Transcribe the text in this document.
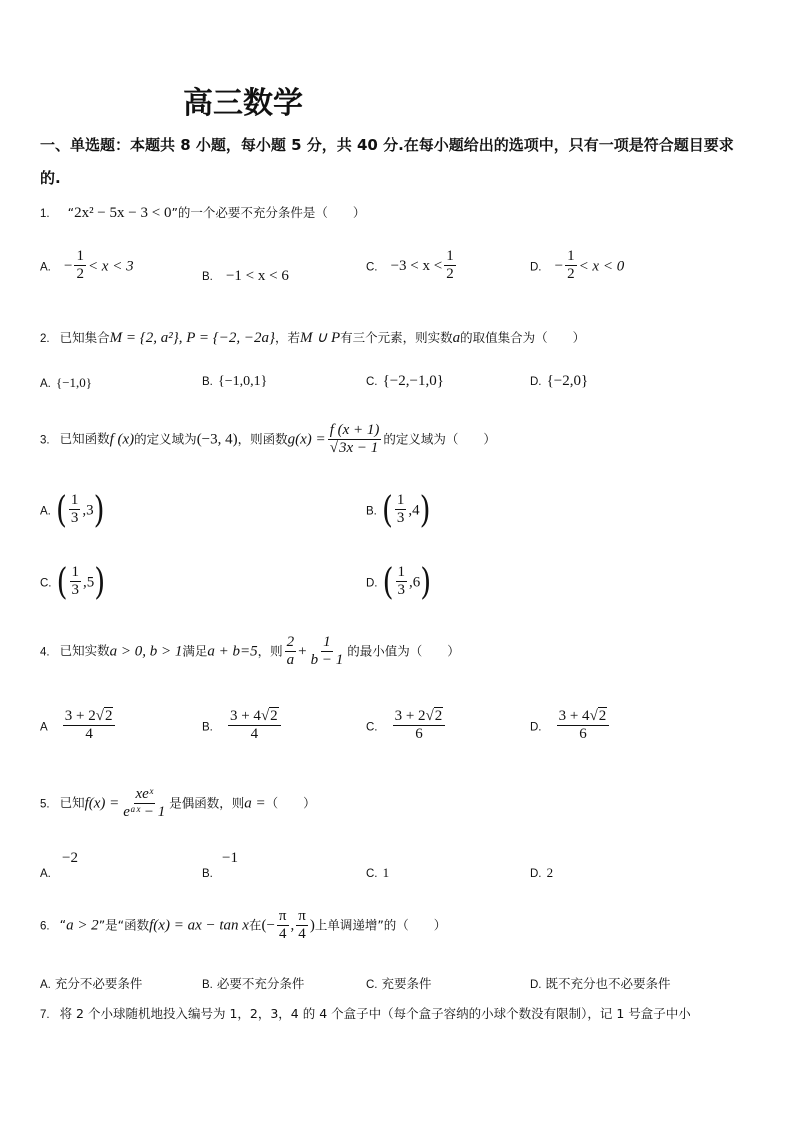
高三数学
一、单选题：本题共 8 小题，每小题 5 分，共 40 分.在每小题给出的选项中，只有一项是符合题目要求
的.
1. “2x² − 5x − 3 < 0”的一个必要不充分条件是（　　）
A. − $\frac{1}{2} < x < 3$
B. −1 < x < 6
C. $-3 < x < \frac{1}{2}$	D. − $\frac{1}{2} < x < 0$
2. 已知集合M = {2, a²}, P = {−2, −2a}，若M ∪ P有三个元素，则实数a的取值集合为（　　）
A. {−1,0}	B. {−1,0,1}	C. {−2,−1,0}	D. {−2,0}
3. 已知函数f (x)的定义域为(−3, 4)，则函数$g(x) = \frac{f (x + 1)}{√3x - 1}$ 的定义域为（　　）
A. ( $\frac{1}{3} ,3$)	B. ( $\frac{1}{3} ,4$)
C. ( $\frac{1}{3} ,5$)	D. ( $\frac{1}{3} ,6$)
4. 已知实数a > 0, b > 1满足a + b=5，则 $\frac{2}{a} + \frac{1}{b - 1}$ 的最小值为（　　）
A $\frac{3 + 2√2}{4}$	B. $\frac{3 + 4√2}{4}$	C. $\frac{3 + 2√2}{6}$	D. $\frac{3 + 4√2}{6}$
5. 已知$f(x) = \frac{\text{xeˣ}}{\text{eᵃˣ − 1}}$ 是偶函数，则a =（　　）
−2
$_{A.}$
−1
$_{B.}$	C. 1	D. 2
6. “a > 2”是“函数f(x) = ax − tan x在(− $\frac{\pi}{4}$ , $\frac{\pi}{4}$ )上单调递增”的（　　）
A. 充分不必要条件	B. 必要不充分条件	C. 充要条件	D. 既不充分也不必要条件
7. 将 2 个小球随机地投入编号为 1，2，3，4 的 4 个盒子中（每个盒子容纳的小球个数没有限制），记 1 号盒子中小
